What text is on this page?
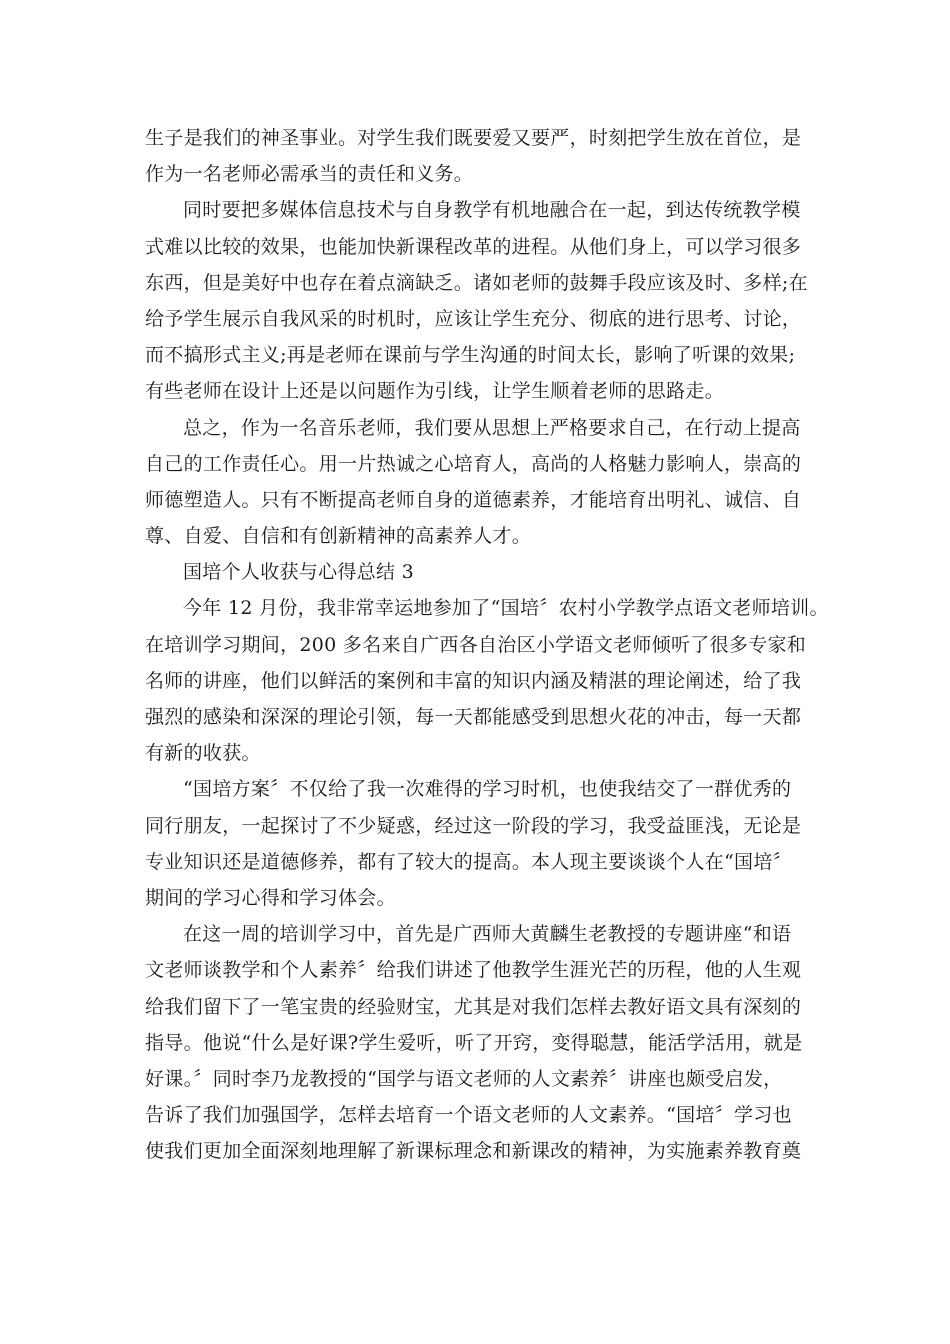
生子是我们的神圣事业。对学生我们既要爱又要严，时刻把学生放在首位，是
作为一名老师必需承当的责任和义务。
同时要把多媒体信息技术与自身教学有机地融合在一起，到达传统教学模
式难以比较的效果，也能加快新课程改革的进程。从他们身上，可以学习很多
东西，但是美好中也存在着点滴缺乏。诸如老师的鼓舞手段应该及时、多样;在
给予学生展示自我风采的时机时，应该让学生充分、彻底的进行思考、讨论，
而不搞形式主义;再是老师在课前与学生沟通的时间太长，影响了听课的效果;
有些老师在设计上还是以问题作为引线，让学生顺着老师的思路走。
总之，作为一名音乐老师，我们要从思想上严格要求自己，在行动上提高
自己的工作责任心。用一片热诚之心培育人，高尚的人格魅力影响人，崇高的
师德塑造人。只有不断提高老师自身的道德素养，才能培育出明礼、诚信、自
尊、自爱、自信和有创新精神的高素养人才。
国培个人收获与心得总结 3
今年 12 月份，我非常幸运地参加了“国培〞农村小学教学点语文老师培训。
在培训学习期间，200 多名来自广西各自治区小学语文老师倾听了很多专家和
名师的讲座，他们以鲜活的案例和丰富的知识内涵及精湛的理论阐述，给了我
强烈的感染和深深的理论引领，每一天都能感受到思想火花的冲击，每一天都
有新的收获。
“国培方案〞不仅给了我一次难得的学习时机，也使我结交了一群优秀的
同行朋友，一起探讨了不少疑惑，经过这一阶段的学习，我受益匪浅，无论是
专业知识还是道德修养，都有了较大的提高。本人现主要谈谈个人在“国培〞
期间的学习心得和学习体会。
在这一周的培训学习中，首先是广西师大黄麟生老教授的专题讲座“和语
文老师谈教学和个人素养〞给我们讲述了他教学生涯光芒的历程，他的人生观
给我们留下了一笔宝贵的经验财宝，尤其是对我们怎样去教好语文具有深刻的
指导。他说“什么是好课?学生爱听，听了开窍，变得聪慧，能活学活用，就是
好课。〞同时李乃龙教授的“国学与语文老师的人文素养〞讲座也颇受启发，
告诉了我们加强国学，怎样去培育一个语文老师的人文素养。“国培〞学习也
使我们更加全面深刻地理解了新课标理念和新课改的精神，为实施素养教育奠
